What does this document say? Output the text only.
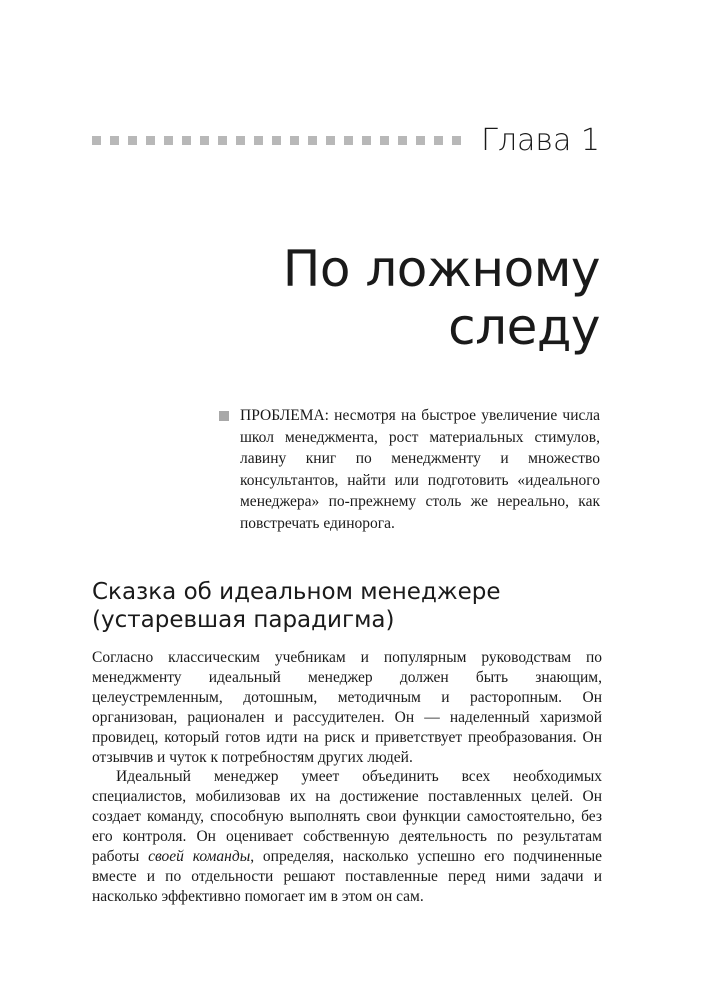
Глава 1
По ложному
следу

ПРОБЛЕМА: несмотря на быстрое увеличение числа школ менеджмента, рост материальных стимулов, лавину книг по менеджменту и множество консультантов, найти или подготовить «идеального менеджера» по-прежнему столь же нереально, как повстречать единорога.

Сказка об идеальном менеджере
(устаревшая парадигма)

Согласно классическим учебникам и популярным руководствам по менеджменту идеальный менеджер должен быть знающим, целеустремленным, дотошным, методичным и расторопным. Он организован, рационален и рассудителен. Он — наделенный харизмой провидец, который готов идти на риск и приветствует преобразования. Он отзывчив и чуток к потребностям других людей.

Идеальный менеджер умеет объединить всех необходимых специалистов, мобилизовав их на достижение поставленных целей. Он создает команду, способную выполнять свои функции самостоятельно, без его контроля. Он оценивает собственную деятельность по результатам работы своей команды, определяя, насколько успешно его подчиненные вместе и по отдельности решают поставленные перед ними задачи и насколько эффективно помогает им в этом он сам.
